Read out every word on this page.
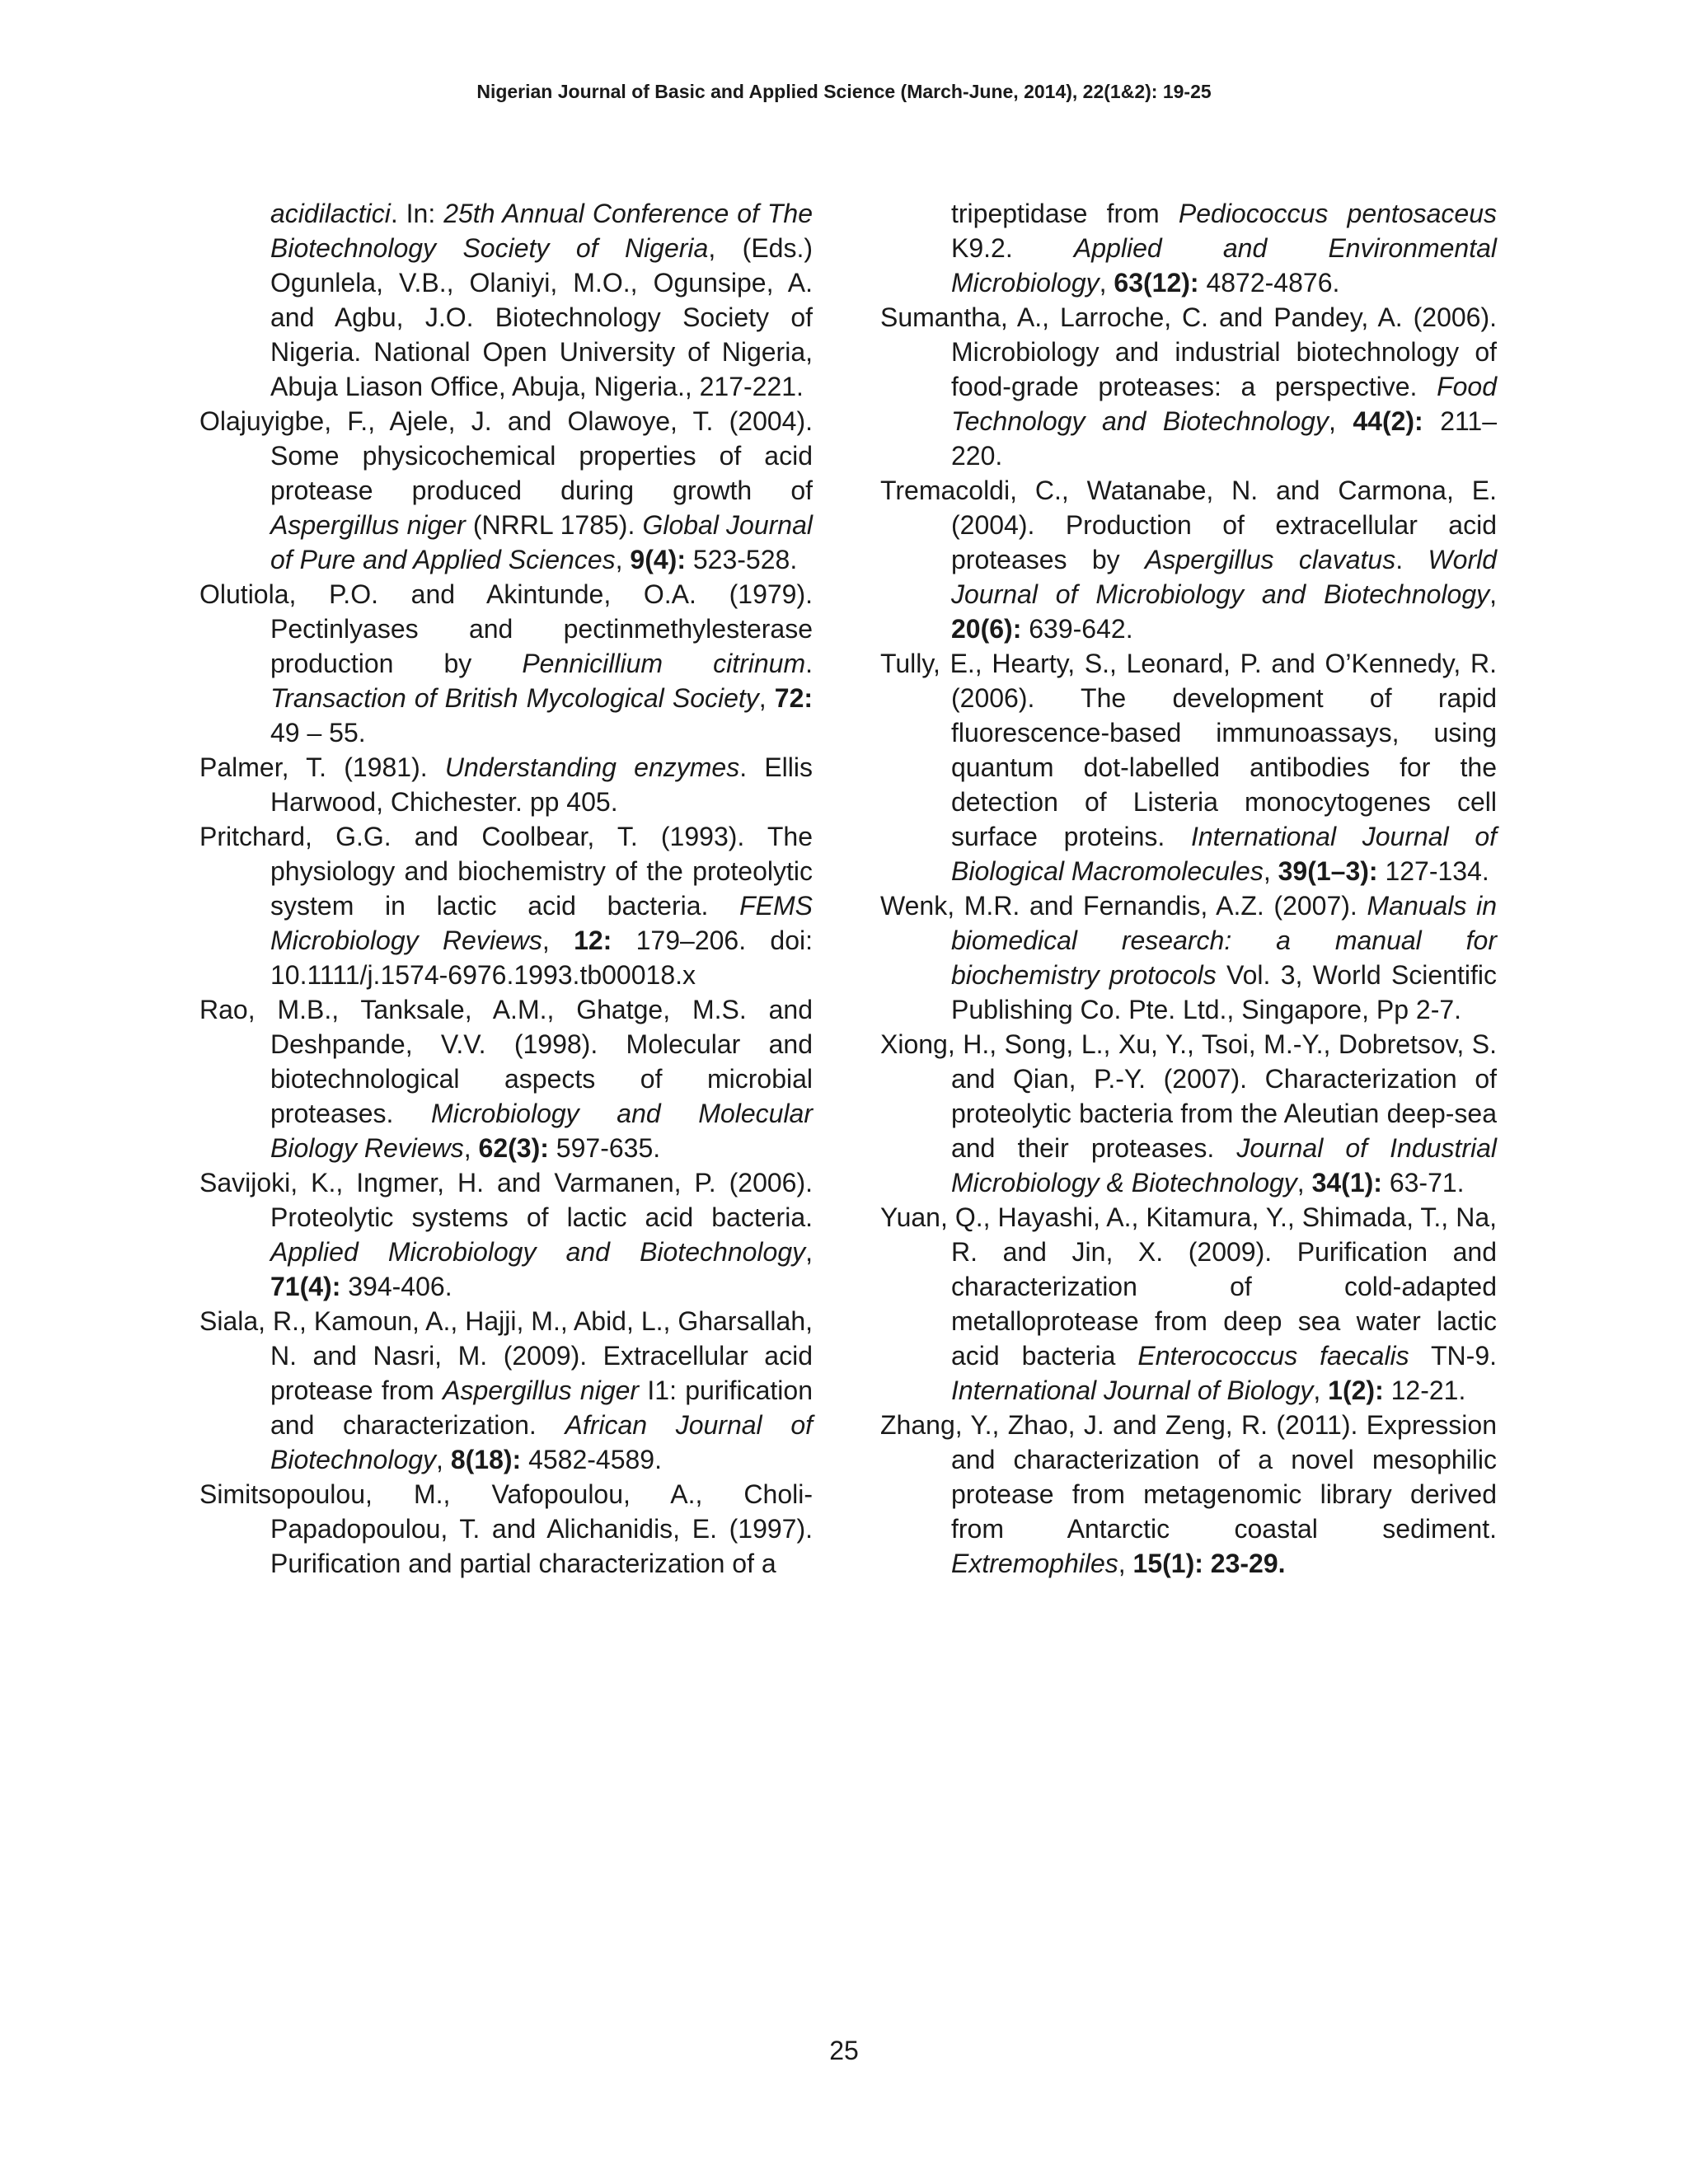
Nigerian Journal of Basic and Applied Science (March-June, 2014), 22(1&2): 19-25

acidilactici. In: 25th Annual Conference of The Biotechnology Society of Nigeria, (Eds.) Ogunlela, V.B., Olaniyi, M.O., Ogunsipe, A. and Agbu, J.O. Biotechnology Society of Nigeria. National Open University of Nigeria, Abuja Liason Office, Abuja, Nigeria., 217-221.

Olajuyigbe, F., Ajele, J. and Olawoye, T. (2004). Some physicochemical properties of acid protease produced during growth of Aspergillus niger (NRRL 1785). Global Journal of Pure and Applied Sciences, 9(4): 523-528.

Olutiola, P.O. and Akintunde, O.A. (1979). Pectinlyases and pectinmethylesterase production by Pennicillium citrinum. Transaction of British Mycological Society, 72: 49 – 55.

Palmer, T. (1981). Understanding enzymes. Ellis Harwood, Chichester. pp 405.

Pritchard, G.G. and Coolbear, T. (1993). The physiology and biochemistry of the proteolytic system in lactic acid bacteria. FEMS Microbiology Reviews, 12: 179–206. doi: 10.1111/j.1574-6976.1993.tb00018.x

Rao, M.B., Tanksale, A.M., Ghatge, M.S. and Deshpande, V.V. (1998). Molecular and biotechnological aspects of microbial proteases. Microbiology and Molecular Biology Reviews, 62(3): 597-635.

Savijoki, K., Ingmer, H. and Varmanen, P. (2006). Proteolytic systems of lactic acid bacteria. Applied Microbiology and Biotechnology, 71(4): 394-406.

Siala, R., Kamoun, A., Hajji, M., Abid, L., Gharsallah, N. and Nasri, M. (2009). Extracellular acid protease from Aspergillus niger I1: purification and characterization. African Journal of Biotechnology, 8(18): 4582-4589.

Simitsopoulou, M., Vafopoulou, A., Choli-Papadopoulou, T. and Alichanidis, E. (1997). Purification and partial characterization of a

tripeptidase from Pediococcus pentosaceus K9.2. Applied and Environmental Microbiology, 63(12): 4872-4876.

Sumantha, A., Larroche, C. and Pandey, A. (2006). Microbiology and industrial biotechnology of food-grade proteases: a perspective. Food Technology and Biotechnology, 44(2): 211–220.

Tremacoldi, C., Watanabe, N. and Carmona, E. (2004). Production of extracellular acid proteases by Aspergillus clavatus. World Journal of Microbiology and Biotechnology, 20(6): 639-642.

Tully, E., Hearty, S., Leonard, P. and O’Kennedy, R. (2006). The development of rapid fluorescence-based immunoassays, using quantum dot-labelled antibodies for the detection of Listeria monocytogenes cell surface proteins. International Journal of Biological Macromolecules, 39(1–3): 127-134.

Wenk, M.R. and Fernandis, A.Z. (2007). Manuals in biomedical research: a manual for biochemistry protocols Vol. 3, World Scientific Publishing Co. Pte. Ltd., Singapore, Pp 2-7.

Xiong, H., Song, L., Xu, Y., Tsoi, M.-Y., Dobretsov, S. and Qian, P.-Y. (2007). Characterization of proteolytic bacteria from the Aleutian deep-sea and their proteases. Journal of Industrial Microbiology & Biotechnology, 34(1): 63-71.

Yuan, Q., Hayashi, A., Kitamura, Y., Shimada, T., Na, R. and Jin, X. (2009). Purification and characterization of cold-adapted metalloprotease from deep sea water lactic acid bacteria Enterococcus faecalis TN-9. International Journal of Biology, 1(2): 12-21.

Zhang, Y., Zhao, J. and Zeng, R. (2011). Expression and characterization of a novel mesophilic protease from metagenomic library derived from Antarctic coastal sediment. Extremophiles, 15(1): 23-29.

25
